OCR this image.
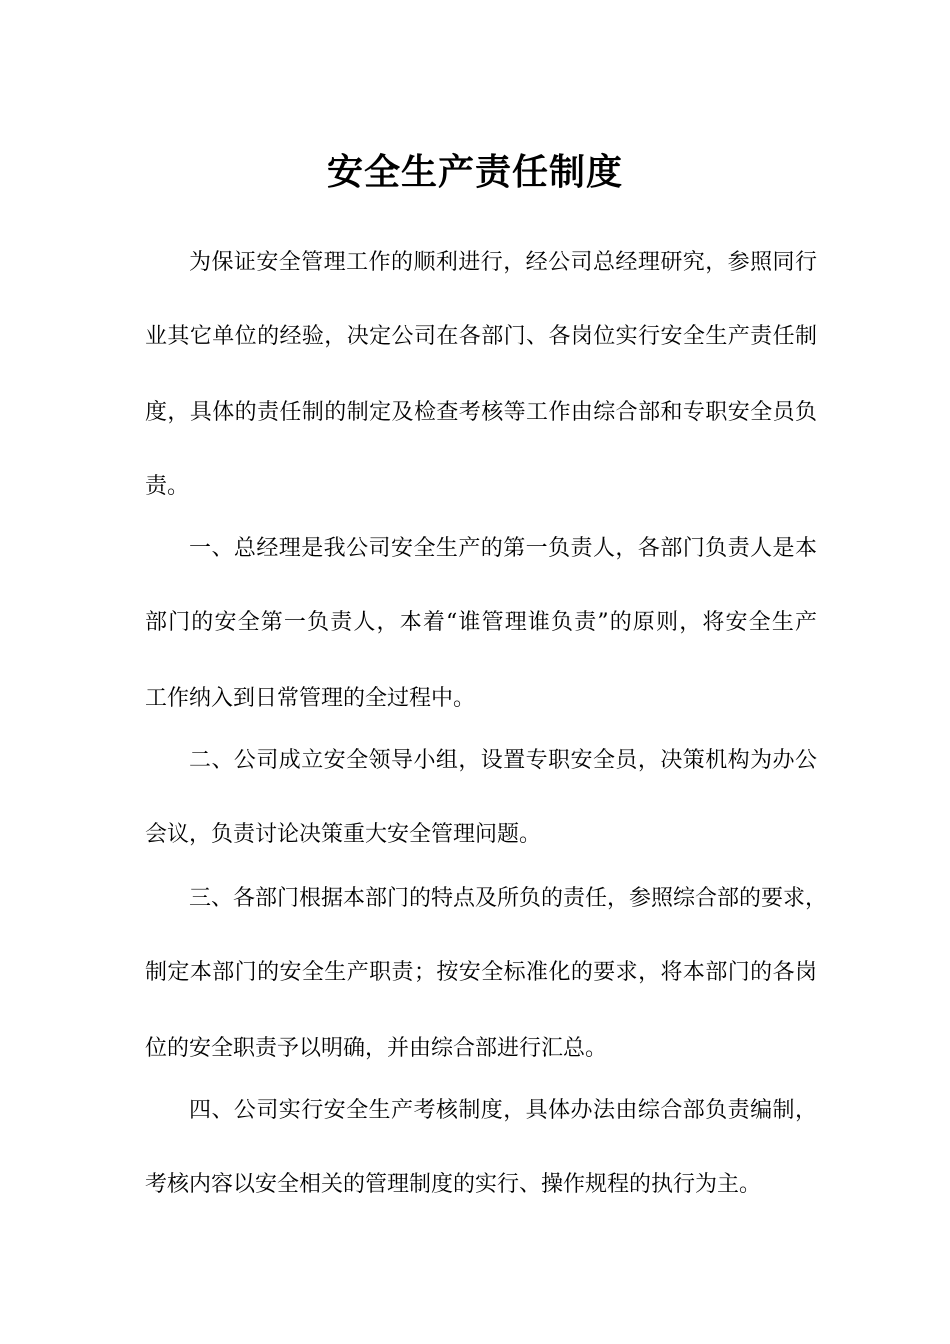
安全生产责任制度
为保证安全管理工作的顺利进行，经公司总经理研究，参照同行
业其它单位的经验，决定公司在各部门、各岗位实行安全生产责任制
度，具体的责任制的制定及检查考核等工作由综合部和专职安全员负
责。
一、总经理是我公司安全生产的第一负责人，各部门负责人是本
部门的安全第一负责人，本着“谁管理谁负责”的原则，将安全生产
工作纳入到日常管理的全过程中。
二、公司成立安全领导小组，设置专职安全员，决策机构为办公
会议，负责讨论决策重大安全管理问题。
三、各部门根据本部门的特点及所负的责任，参照综合部的要求，
制定本部门的安全生产职责；按安全标准化的要求，将本部门的各岗
位的安全职责予以明确，并由综合部进行汇总。
四、公司实行安全生产考核制度，具体办法由综合部负责编制，
考核内容以安全相关的管理制度的实行、操作规程的执行为主。
